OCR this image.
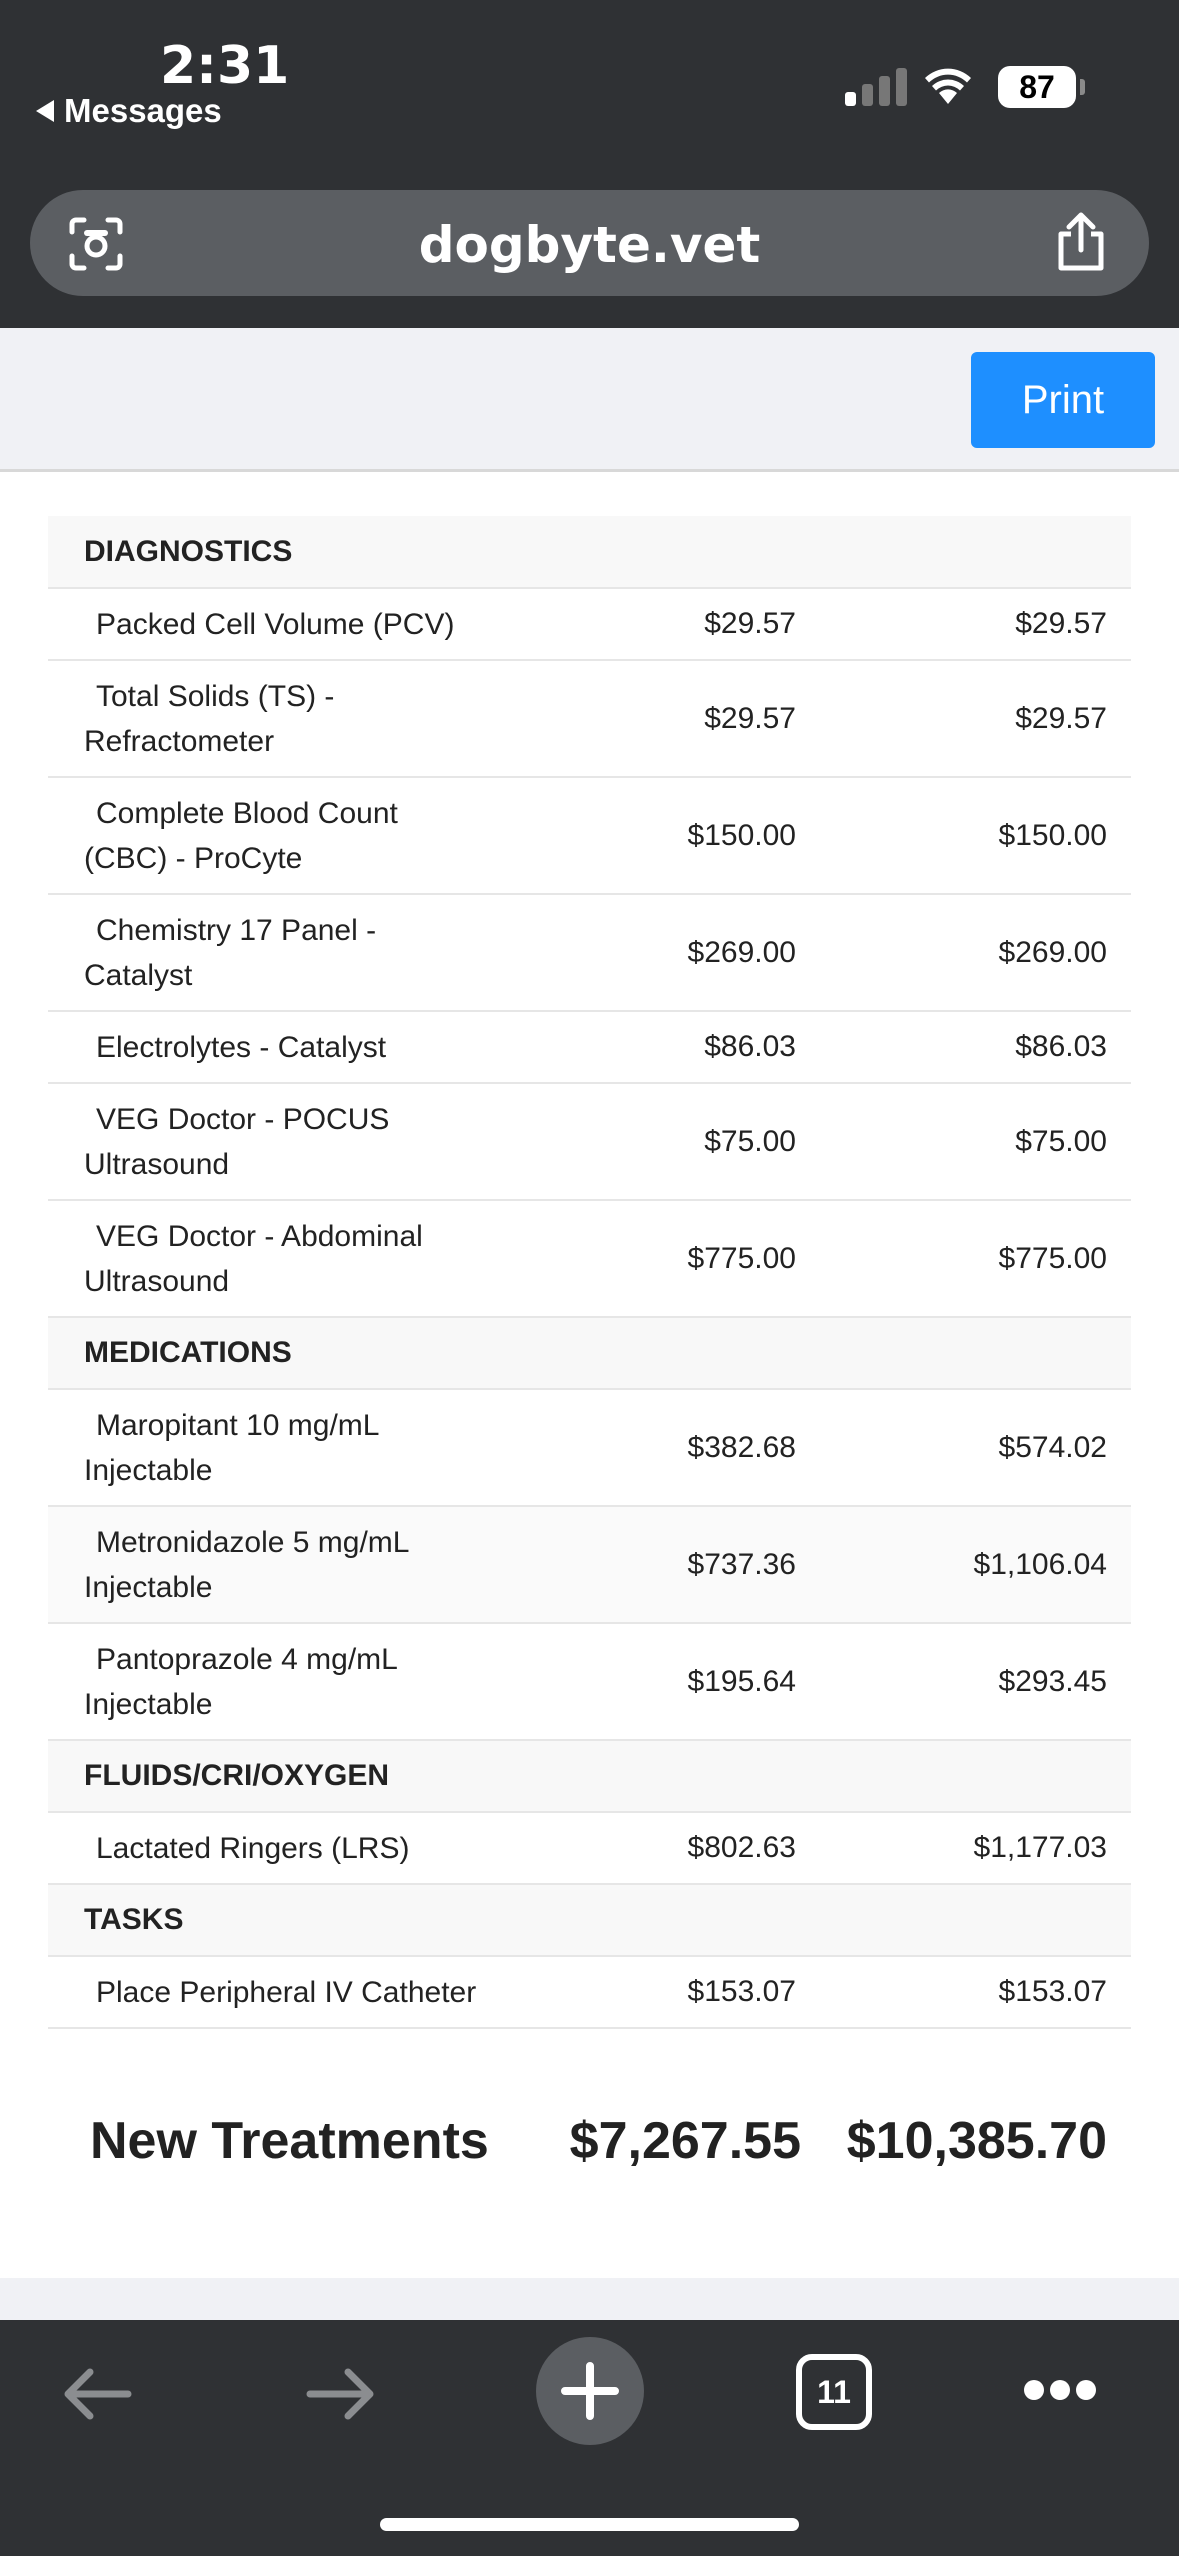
2:31
Messages
87
dogbyte.vet
Print
DIAGNOSTICS		
Packed Cell Volume (PCV)	$29.57	$29.57
Total Solids (TS) -
Refractometer	$29.57	$29.57
Complete Blood Count
(CBC) - ProCyte	$150.00	$150.00
Chemistry 17 Panel -
Catalyst	$269.00	$269.00
Electrolytes - Catalyst	$86.03	$86.03
VEG Doctor - POCUS
Ultrasound	$75.00	$75.00
VEG Doctor - Abdominal
Ultrasound	$775.00	$775.00
MEDICATIONS		
Maropitant 10 mg/mL
Injectable	$382.68	$574.02
Metronidazole 5 mg/mL
Injectable	$737.36	$1,106.04
Pantoprazole 4 mg/mL
Injectable	$195.64	$293.45
FLUIDS/CRI/OXYGEN		
Lactated Ringers (LRS)	$802.63	$1,177.03
TASKS		
Place Peripheral IV Catheter	$153.07	$153.07
New Treatments $7,267.55 $10,385.70
11
